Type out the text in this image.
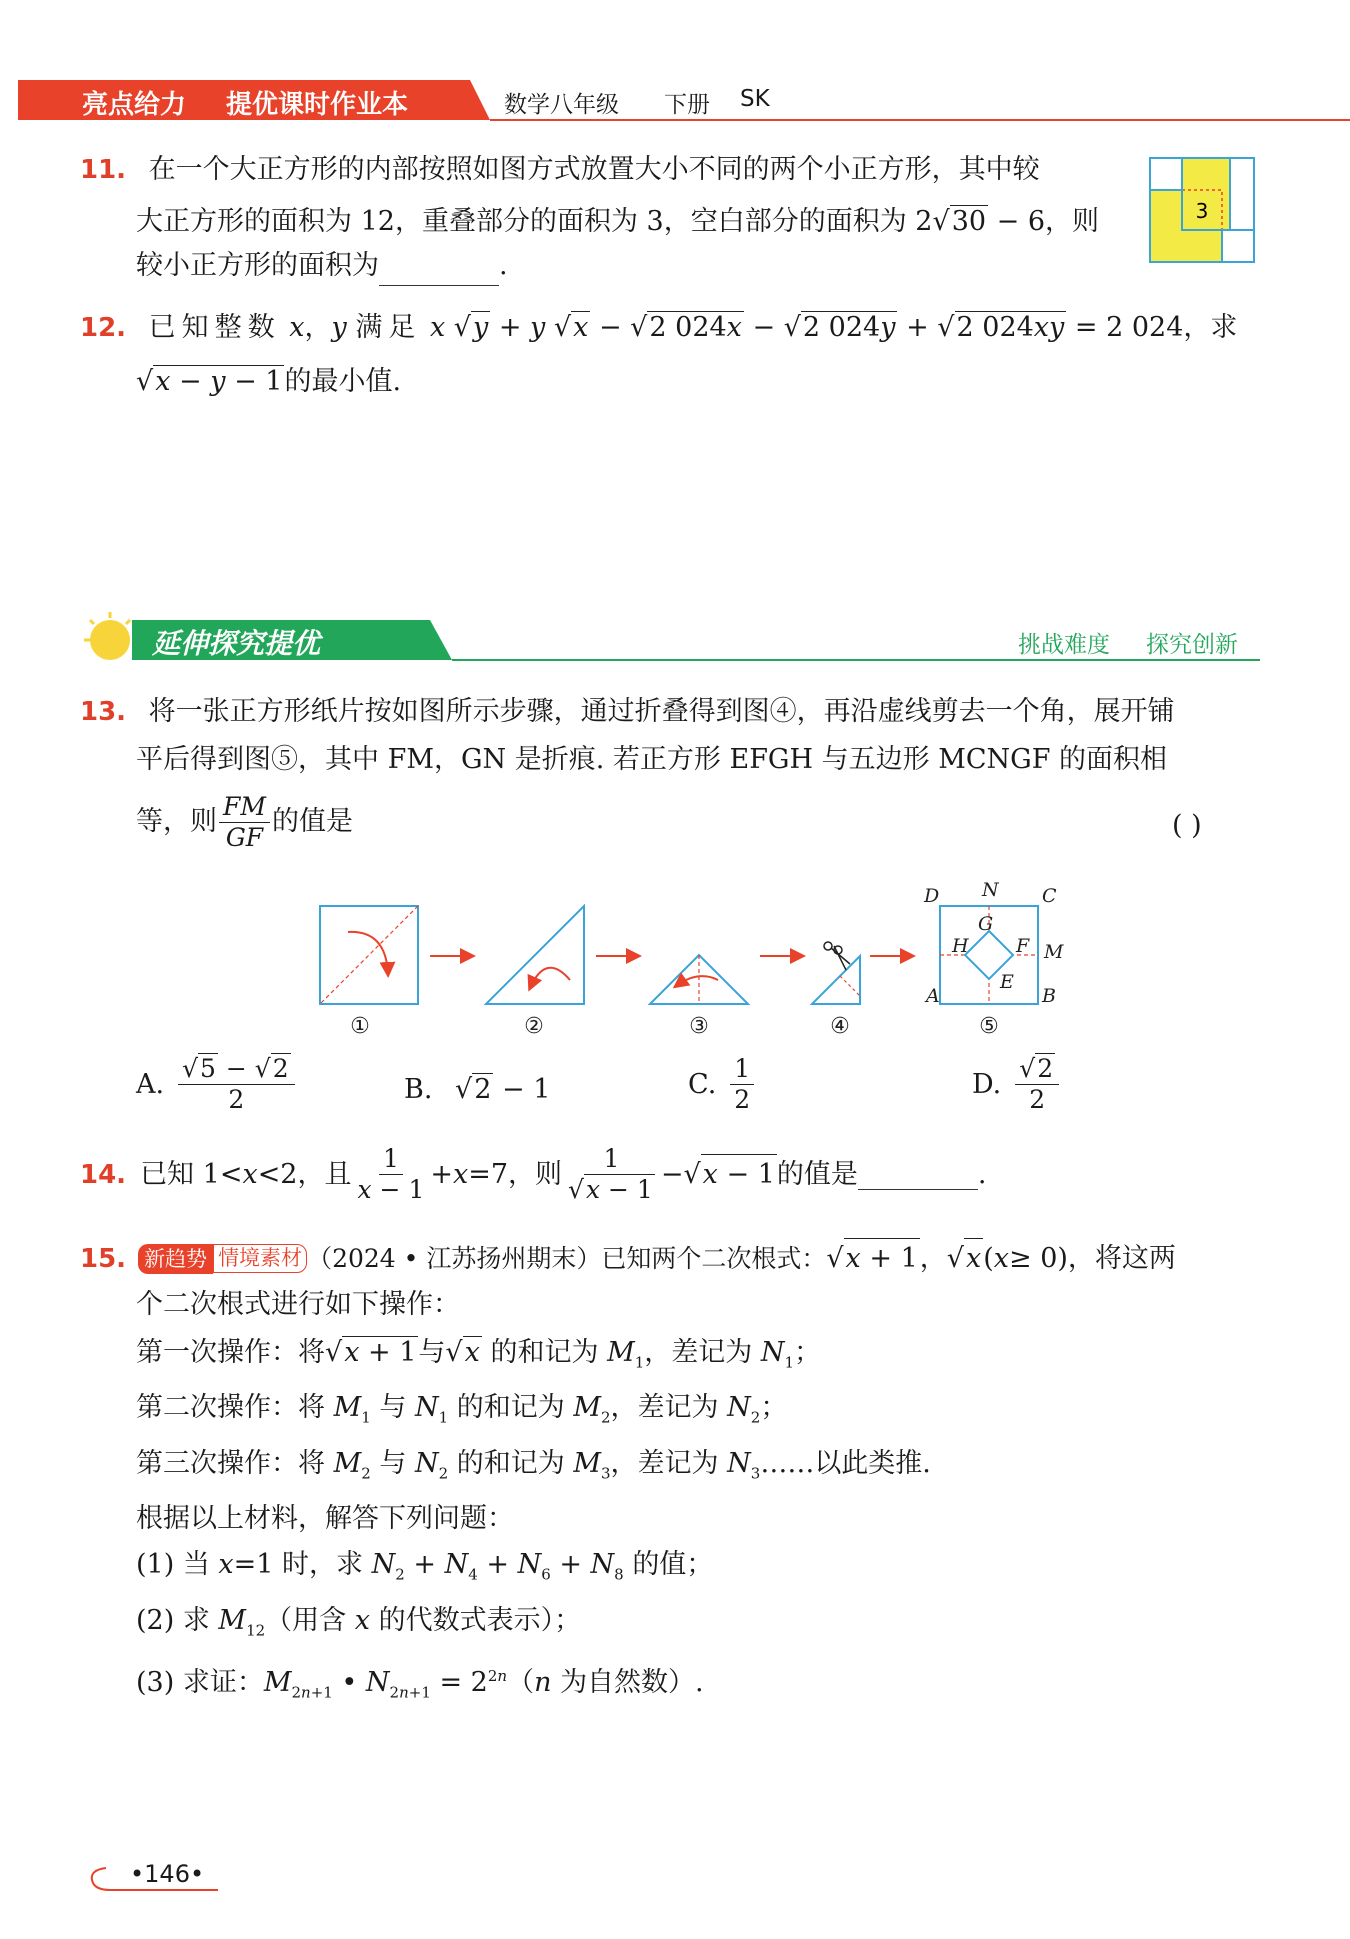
亮点给力 提优课时作业本	数学八年级 下册 SK
11. 在一个大正方形的内部按照如图方式放置大小不同的两个小正方形，其中较
大正方形的面积为 12，重叠部分的面积为 3，空白部分的面积为 2 √ 30 − 6，则
较小正方形的面积为	.
3
12. 已知整数 x，y 满足 x √ y + y √ x − √ 2 024x − √ 2 024y + √ 2 024xy = 2 024，求
√ x − y − 1的最小值.
延伸探究提优	挑战难度 探究创新
13. 将一张正方形纸片按如图所示步骤，通过折叠得到图④，再沿虚线剪去一个角，展开铺
平后得到图⑤，其中 FM，GN 是折痕. 若正方形 EFGH 与五边形 MCNGF 的面积相
等，则 $\frac{FM}{GF}$ 的值是	( )
D N C
G
H F M
E
A	B
①	②	③	④	⑤
A. √ $\frac{5 - √ 2}{2}$	B. √ 2 − 1	C. $\frac{1}{2}$	D. √ $\frac{2}{2}$
14. 已知 1< x <2，且 $\frac{1}{x - 1} + x =7$，则 1
√ x − 1 − √ x − 1 的值是	.
15. 新趋势 情境素材 （2024 • 江苏扬州期末）已知两个二次根式： √ x + 1 ， √ x ( x ≥ 0) ，将这两
个二次根式进行如下操作：
第一次操作：将 √ x + 1与 √ x 的和记为 $M_1$，差记为 $N_1$；
第二次操作：将 $M_1$ 与 $N_1$ 的和记为 $M_2$，差记为 $N_2$；
第三次操作：将 $M_2$ 与 $N_2$ 的和记为 $M_3$，差记为 $N_3\dots\dots$以此类推.
根据以上材料，解答下列问题：
(1) 当 x=1 时，求 $N_2 + N_4 + N_6 + N_8$ 的值；
(2) 求 $M_{12}$（用含 x 的代数式表示）；
(3) 求证：$M_{2n+1}$ • $N_{2n+1} = 2^{2n}(n$ 为自然数）.
•146•
